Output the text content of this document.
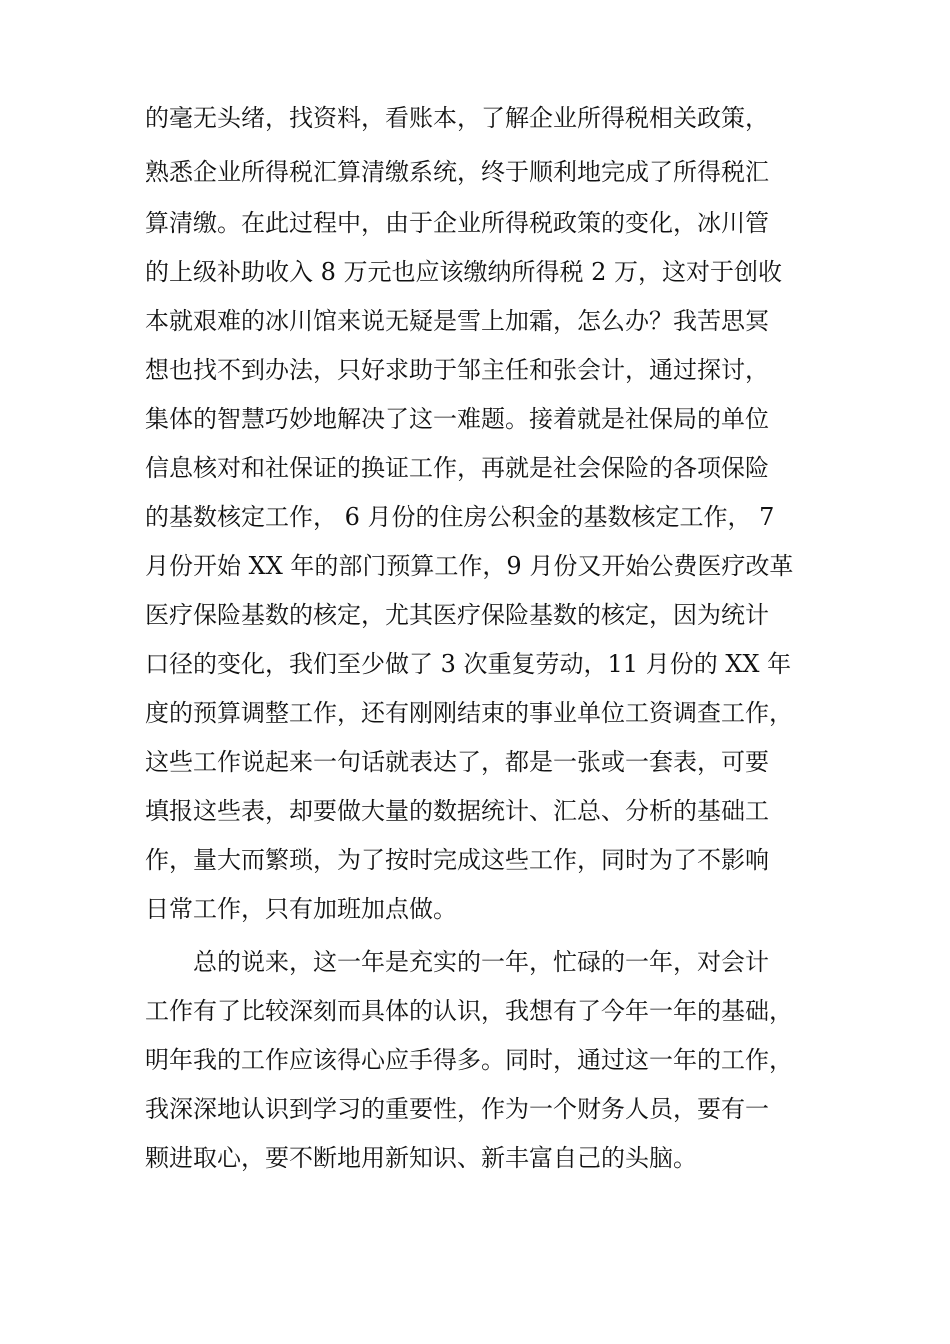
的毫无头绪，找资料，看账本，了解企业所得税相关政策，
熟悉企业所得税汇算清缴系统，终于顺利地完成了所得税汇
算清缴。在此过程中，由于企业所得税政策的变化，冰川管
的上级补助收入 8 万元也应该缴纳所得税 2 万，这对于创收
本就艰难的冰川馆来说无疑是雪上加霜，怎么办？我苦思冥
想也找不到办法，只好求助于邹主任和张会计，通过探讨，
集体的智慧巧妙地解决了这一难题。接着就是社保局的单位
信息核对和社保证的换证工作，再就是社会保险的各项保险
的基数核定工作， 6 月份的住房公积金的基数核定工作， 7
月份开始 XX 年的部门预算工作，9 月份又开始公费医疗改革
医疗保险基数的核定，尤其医疗保险基数的核定，因为统计
口径的变化，我们至少做了 3 次重复劳动，11 月份的 XX 年
度的预算调整工作，还有刚刚结束的事业单位工资调查工作，
这些工作说起来一句话就表达了，都是一张或一套表，可要
填报这些表，却要做大量的数据统计、汇总、分析的基础工
作，量大而繁琐，为了按时完成这些工作，同时为了不影响
日常工作，只有加班加点做。
总的说来，这一年是充实的一年，忙碌的一年，对会计
工作有了比较深刻而具体的认识，我想有了今年一年的基础，
明年我的工作应该得心应手得多。同时，通过这一年的工作，
我深深地认识到学习的重要性，作为一个财务人员，要有一
颗进取心，要不断地用新知识、新丰富自己的头脑。
